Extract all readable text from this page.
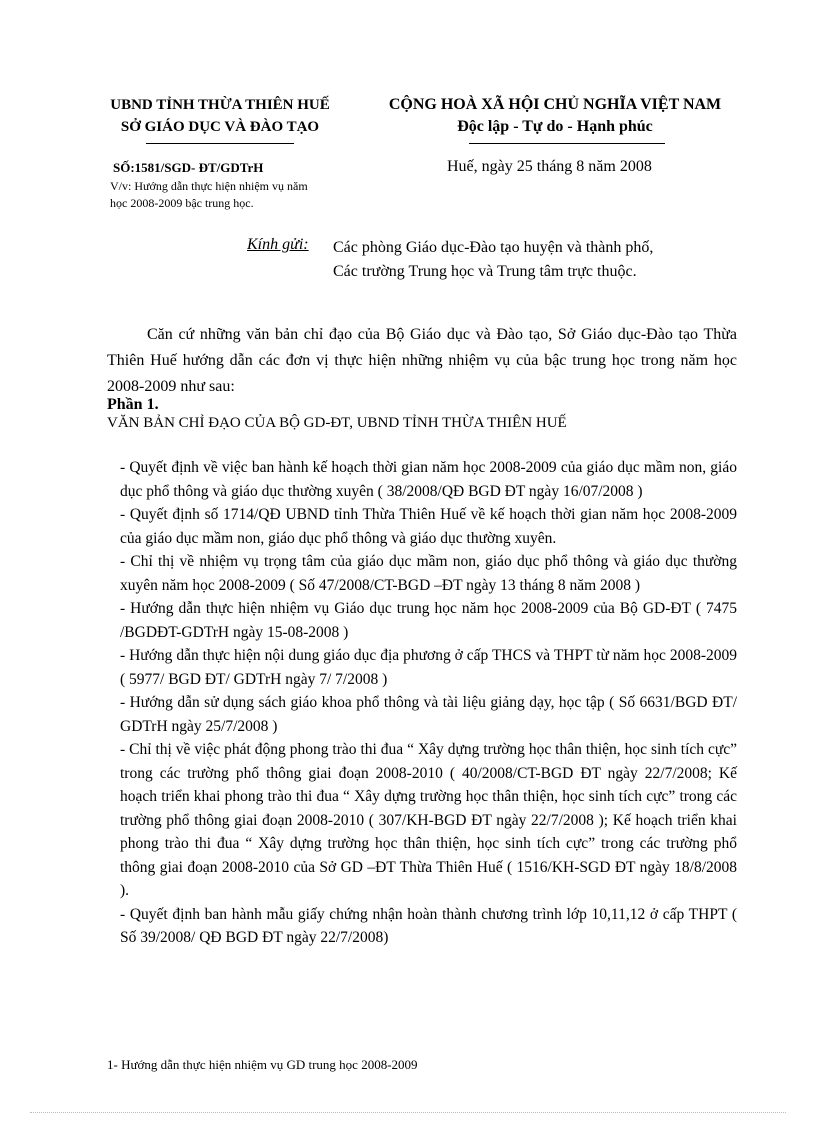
UBND TỈNH THỪA THIÊN HUẾ
SỞ GIÁO DỤC VÀ ĐÀO TẠO
CỘNG HOÀ XÃ HỘI CHỦ NGHĨA VIỆT NAM
Độc lập - Tự do - Hạnh phúc
SỐ:1581/SGD- ĐT/GDTrH
V/v: Hướng dẫn thực hiện nhiệm vụ năm học 2008-2009 bậc trung học.
Huế, ngày 25 tháng 8 năm 2008
Kính gửi: Các phòng Giáo dục-Đào tạo huyện và thành phố,
Các trường Trung học và Trung tâm trực thuộc.
Căn cứ những văn bản chỉ đạo của Bộ Giáo dục và Đào tạo, Sở Giáo dục-Đào tạo Thừa Thiên Huế hướng dẫn các đơn vị thực hiện những nhiệm vụ của bậc trung học trong năm học 2008-2009 như sau:
Phần 1.
VĂN BẢN CHỈ ĐẠO CỦA BỘ GD-ĐT, UBND TỈNH THỪA THIÊN HUẾ

- Quyết định về việc ban hành kế hoạch thời gian năm học 2008-2009 của giáo dục mầm non, giáo dục phổ thông và giáo dục thường xuyên ( 38/2008/QĐ BGD ĐT ngày 16/07/2008 )

- Quyết định số 1714/QĐ UBND tỉnh Thừa Thiên Huế về kế hoạch thời gian năm học 2008-2009 của giáo dục mầm non, giáo dục phổ thông và giáo dục thường xuyên.

- Chỉ thị về nhiệm vụ trọng tâm của giáo dục mầm non, giáo dục phổ thông và giáo dục thường xuyên năm học 2008-2009 ( Số 47/2008/CT-BGD –ĐT ngày 13 tháng 8 năm 2008 )

- Hướng dẫn thực hiện nhiệm vụ Giáo dục trung học năm học 2008-2009 của Bộ GD-ĐT ( 7475 /BGDĐT-GDTrH ngày 15-08-2008 )

- Hướng dẫn thực hiện nội dung giáo dục địa phương ở cấp THCS và THPT từ năm học 2008-2009 ( 5977/ BGD ĐT/ GDTrH ngày 7/ 7/2008 )

- Hướng dẫn sử dụng sách giáo khoa phổ thông và tài liệu giảng dạy, học tập ( Số 6631/BGD ĐT/ GDTrH ngày 25/7/2008 )

- Chỉ thị về việc phát động phong trào thi đua “ Xây dựng trường học thân thiện, học sinh tích cực” trong các trường phổ thông giai đoạn 2008-2010 ( 40/2008/CT-BGD ĐT ngày 22/7/2008; Kế hoạch triển khai phong trào thi đua “ Xây dựng trường học thân thiện, học sinh tích cực” trong các trường phổ thông giai đoạn 2008-2010 ( 307/KH-BGD ĐT ngày 22/7/2008 ); Kế hoạch triển khai phong trào thi đua “ Xây dựng trường học thân thiện, học sinh tích cực” trong các trường phổ thông giai đoạn 2008-2010 của Sở GD –ĐT Thừa Thiên Huế ( 1516/KH-SGD ĐT ngày 18/8/2008 ).

- Quyết định ban hành mẫu giấy chứng nhận hoàn thành chương trình lớp 10,11,12 ở cấp THPT ( Số 39/2008/ QĐ BGD ĐT ngày 22/7/2008)

1- Hướng dẫn thực hiện nhiệm vụ GD trung học 2008-2009
